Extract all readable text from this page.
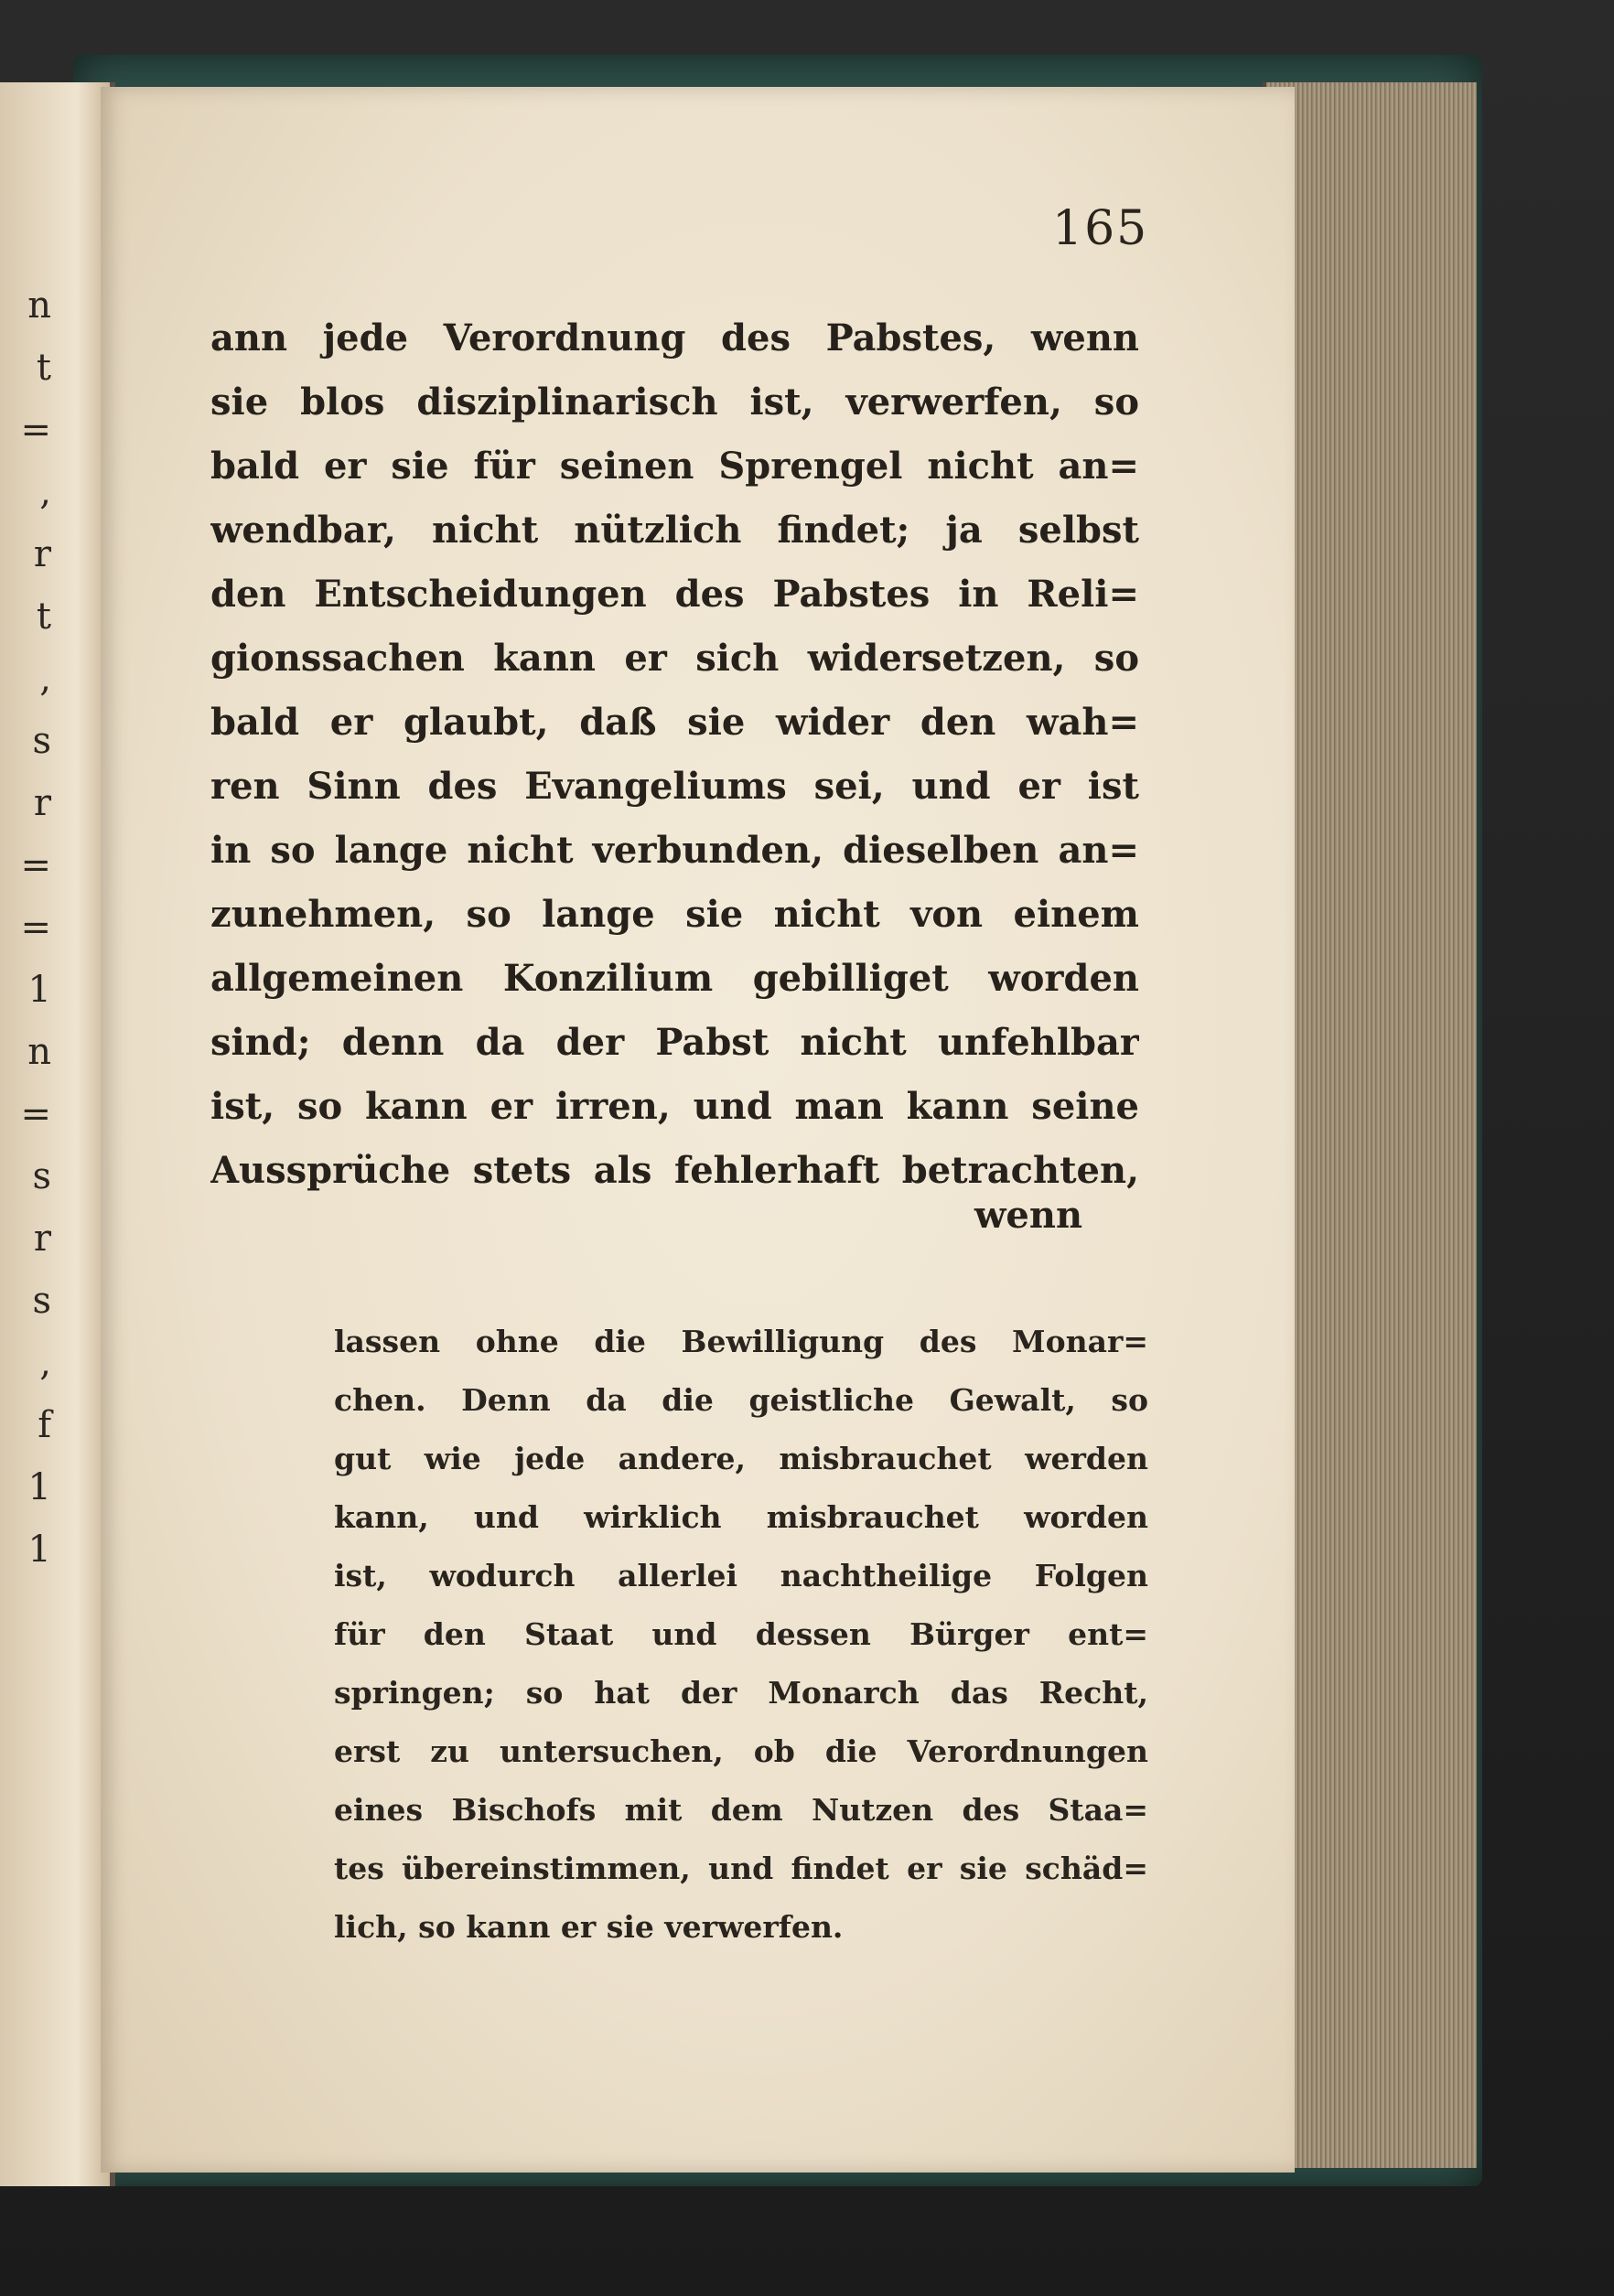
n
t
=
,
r
t
,
s
r
=
=
1
n
=
s
r
s
,
f
1
1
165
ann jede Verordnung des Pabstes, wenn
sie blos disziplinarisch ist, verwerfen, so
bald er sie für seinen Sprengel nicht an=
wendbar, nicht nützlich findet; ja selbst
den Entscheidungen des Pabstes in Reli=
gionssachen kann er sich widersetzen, so
bald er glaubt, daß sie wider den wah=
ren Sinn des Evangeliums sei, und er ist
in so lange nicht verbunden, dieselben an=
zunehmen, so lange sie nicht von einem
allgemeinen Konzilium gebilliget worden
sind; denn da der Pabst nicht unfehlbar
ist, so kann er irren, und man kann seine
Aussprüche stets als fehlerhaft betrachten,
wenn
lassen ohne die Bewilligung des Monar=
chen. Denn da die geistliche Gewalt, so
gut wie jede andere, misbrauchet werden
kann, und wirklich misbrauchet worden
ist, wodurch allerlei nachtheilige Folgen
für den Staat und dessen Bürger ent=
springen; so hat der Monarch das Recht,
erst zu untersuchen, ob die Verordnungen
eines Bischofs mit dem Nutzen des Staa=
tes übereinstimmen, und findet er sie schäd=
lich, so kann er sie verwerfen.
